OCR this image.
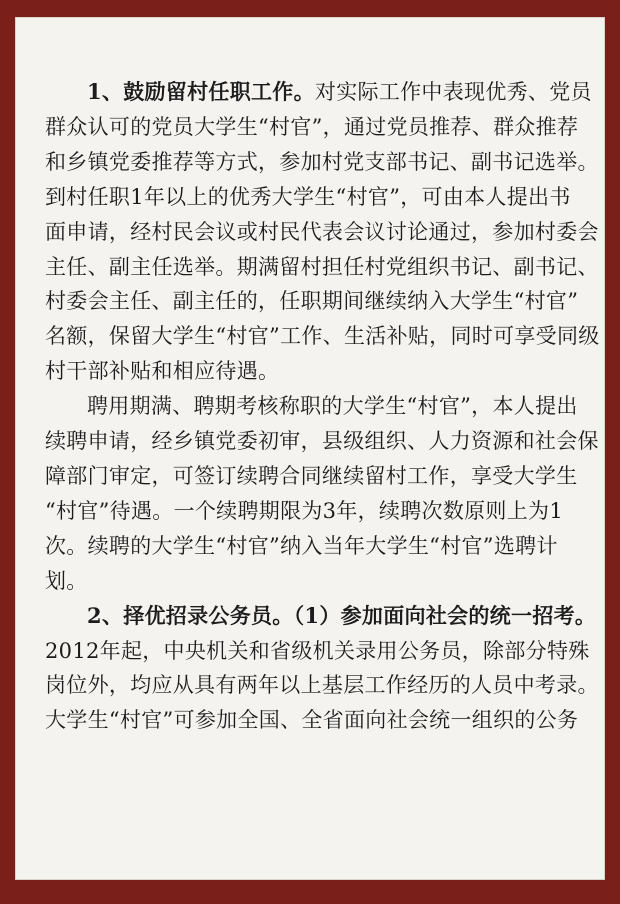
1、鼓励留村任职工作。对实际工作中表现优秀、党员
群众认可的党员大学生“村官”，通过党员推荐、群众推荐
和乡镇党委推荐等方式，参加村党支部书记、副书记选举。
到村任职1年以上的优秀大学生“村官”，可由本人提出书
面申请，经村民会议或村民代表会议讨论通过，参加村委会
主任、副主任选举。期满留村担任村党组织书记、副书记、
村委会主任、副主任的，任职期间继续纳入大学生“村官”
名额，保留大学生“村官”工作、生活补贴，同时可享受同级
村干部补贴和相应待遇。
聘用期满、聘期考核称职的大学生“村官”，本人提出
续聘申请，经乡镇党委初审，县级组织、人力资源和社会保
障部门审定，可签订续聘合同继续留村工作，享受大学生
“村官”待遇。一个续聘期限为3年，续聘次数原则上为1
次。续聘的大学生“村官”纳入当年大学生“村官”选聘计
划。
2、择优招录公务员。（1）参加面向社会的统一招考。
2012年起，中央机关和省级机关录用公务员，除部分特殊
岗位外，均应从具有两年以上基层工作经历的人员中考录。
大学生“村官”可参加全国、全省面向社会统一组织的公务
